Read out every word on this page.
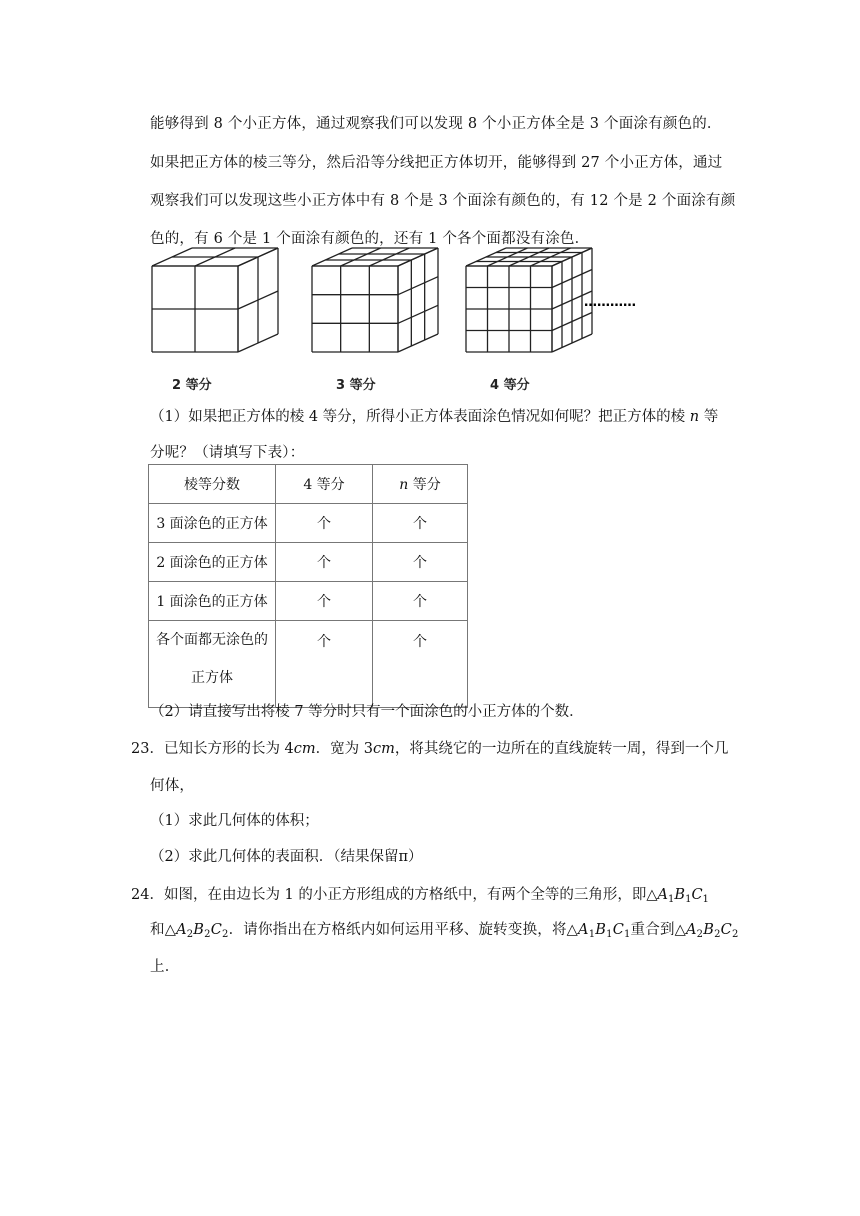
能够得到 8 个小正方体，通过观察我们可以发现 8 个小正方体全是 3 个面涂有颜色的．
如果把正方体的棱三等分，然后沿等分线把正方体切开，能够得到 27 个小正方体，通过
观察我们可以发现这些小正方体中有 8 个是 3 个面涂有颜色的，有 12 个是 2 个面涂有颜
色的，有 6 个是 1 个面涂有颜色的，还有 1 个各个面都没有涂色．
2 等分	3 等分	4 等分
…………
（1）如果把正方体的棱 4 等分，所得小正方体表面涂色情况如何呢？把正方体的棱 n 等
分呢？（请填写下表）：
棱等分数	4 等分	n 等分
3 面涂色的正方体	个	个
2 面涂色的正方体	个	个
1 面涂色的正方体	个	个

各个面都无涂色的
正方体	个	个
（2）请直接写出将棱 7 等分时只有一个面涂色的小正方体的个数．
23．已知长方形的长为 4cm．宽为 3cm，将其绕它的一边所在的直线旋转一周，得到一个几
何体，
（1）求此几何体的体积；
（2）求此几何体的表面积．（结果保留π）
24．如图，在由边长为 1 的小正方形组成的方格纸中，有两个全等的三角形，即$\triangle A_1B_1C_1$
和$\triangle A_2B_2C_2$．请你指出在方格纸内如何运用平移、旋转变换，将$\triangle A_1B_1C_1$重合到$\triangle A_2B_2C_2$
上．
